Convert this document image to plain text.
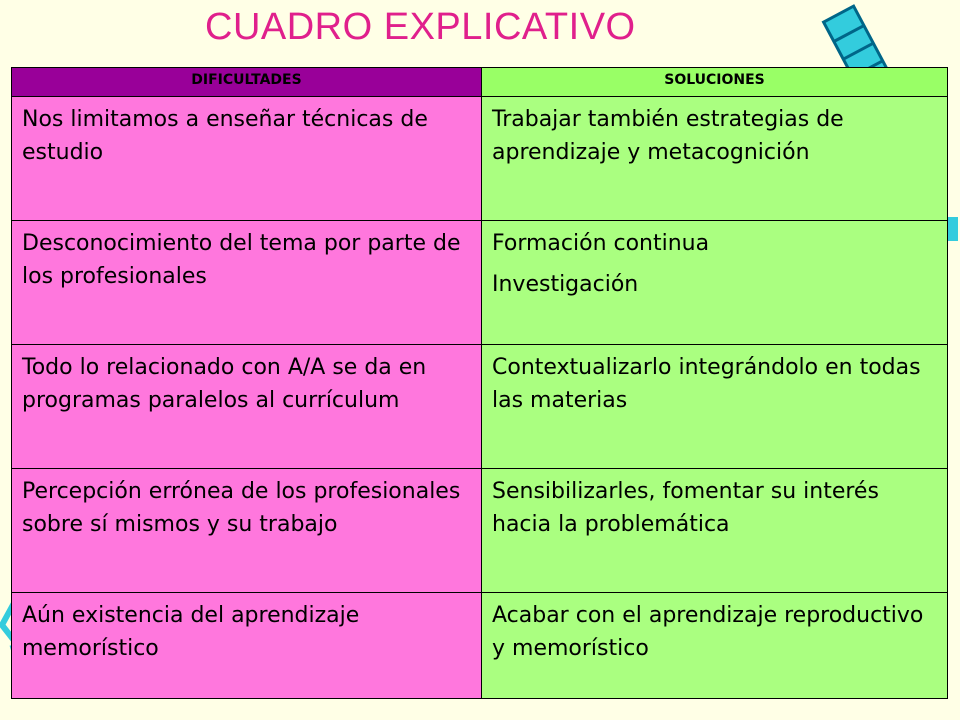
CUADRO EXPLICATIVO
DIFICULTADES	SOLUCIONES

Nos limitamos a enseñar técnicas de estudio	Trabajar también estrategias de aprendizaje y metacognición

Desconocimiento del tema por parte de los profesionales	Formación continua
Investigación

Todo lo relacionado con A/A se da en programas paralelos al currículum	Contextualizarlo integrándolo en todas las materias

Percepción errónea de los profesionales sobre sí mismos y su trabajo	Sensibilizarles, fomentar su interés hacia la problemática

Aún existencia del aprendizaje memorístico	Acabar con el aprendizaje reproductivo y memorístico
